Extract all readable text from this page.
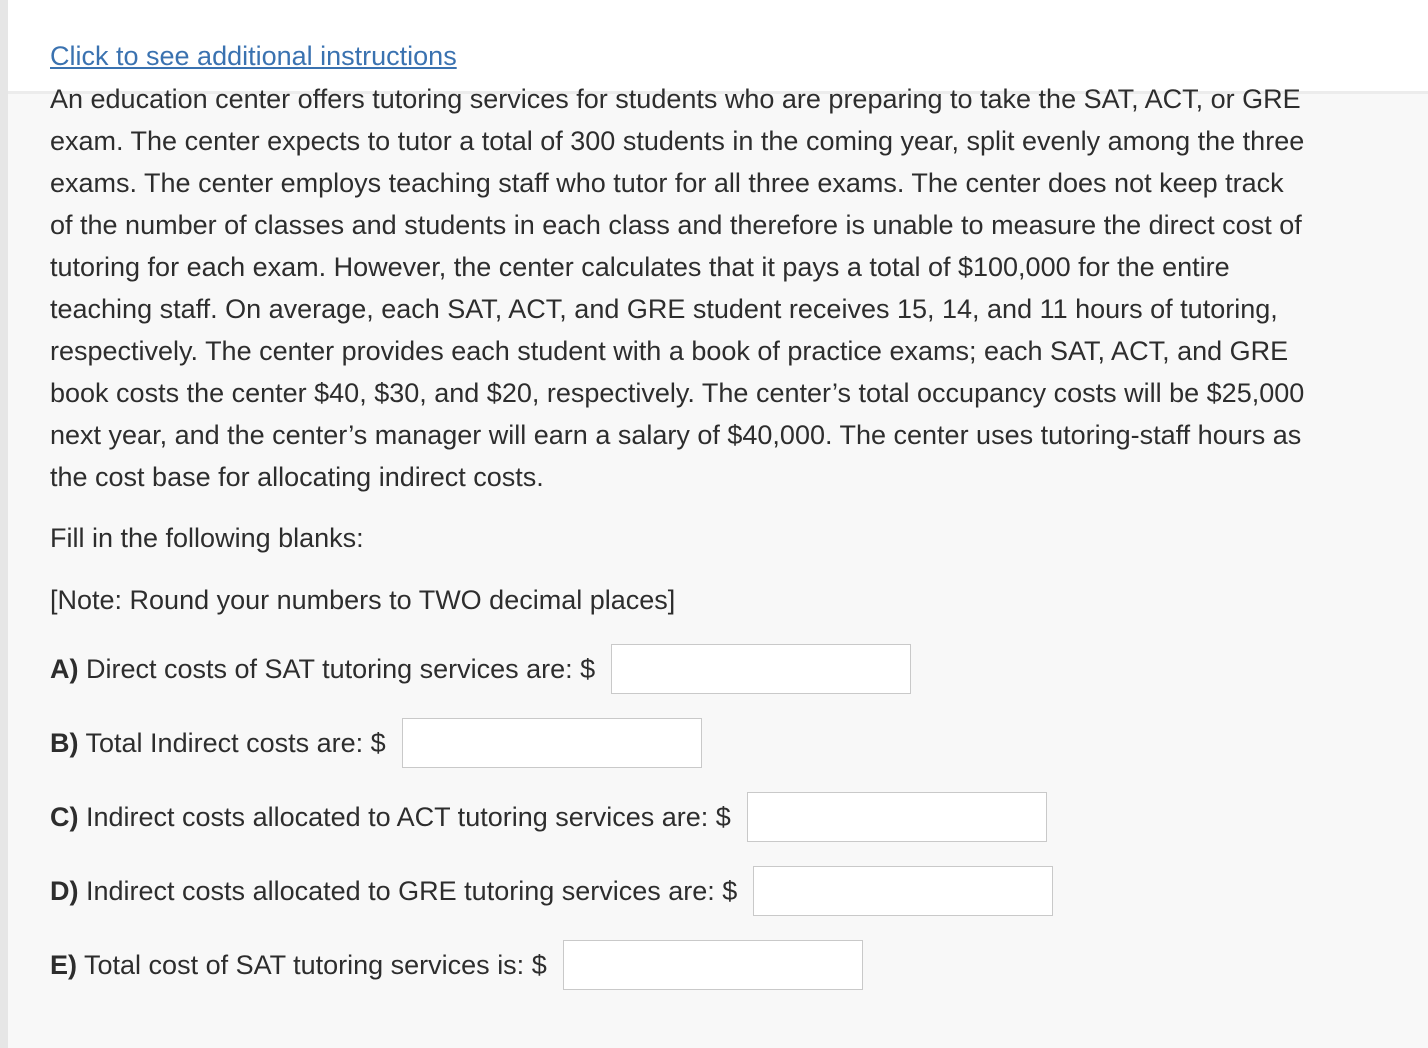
Click to see additional instructions

An education center offers tutoring services for students who are preparing to take the SAT, ACT, or GRE exam. The center expects to tutor a total of 300 students in the coming year, split evenly among the three exams. The center employs teaching staff who tutor for all three exams. The center does not keep track of the number of classes and students in each class and therefore is unable to measure the direct cost of tutoring for each exam. However, the center calculates that it pays a total of $100,000 for the entire teaching staff. On average, each SAT, ACT, and GRE student receives 15, 14, and 11 hours of tutoring, respectively. The center provides each student with a book of practice exams; each SAT, ACT, and GRE book costs the center $40, $30, and $20, respectively. The center’s total occupancy costs will be $25,000 next year, and the center’s manager will earn a salary of $40,000. The center uses tutoring-staff hours as the cost base for allocating indirect costs.

Fill in the following blanks:

[Note: Round your numbers to TWO decimal places]

A) Direct costs of SAT tutoring services are: $
B) Total Indirect costs are: $
C) Indirect costs allocated to ACT tutoring services are: $
D) Indirect costs allocated to GRE tutoring services are: $
E) Total cost of SAT tutoring services is: $
